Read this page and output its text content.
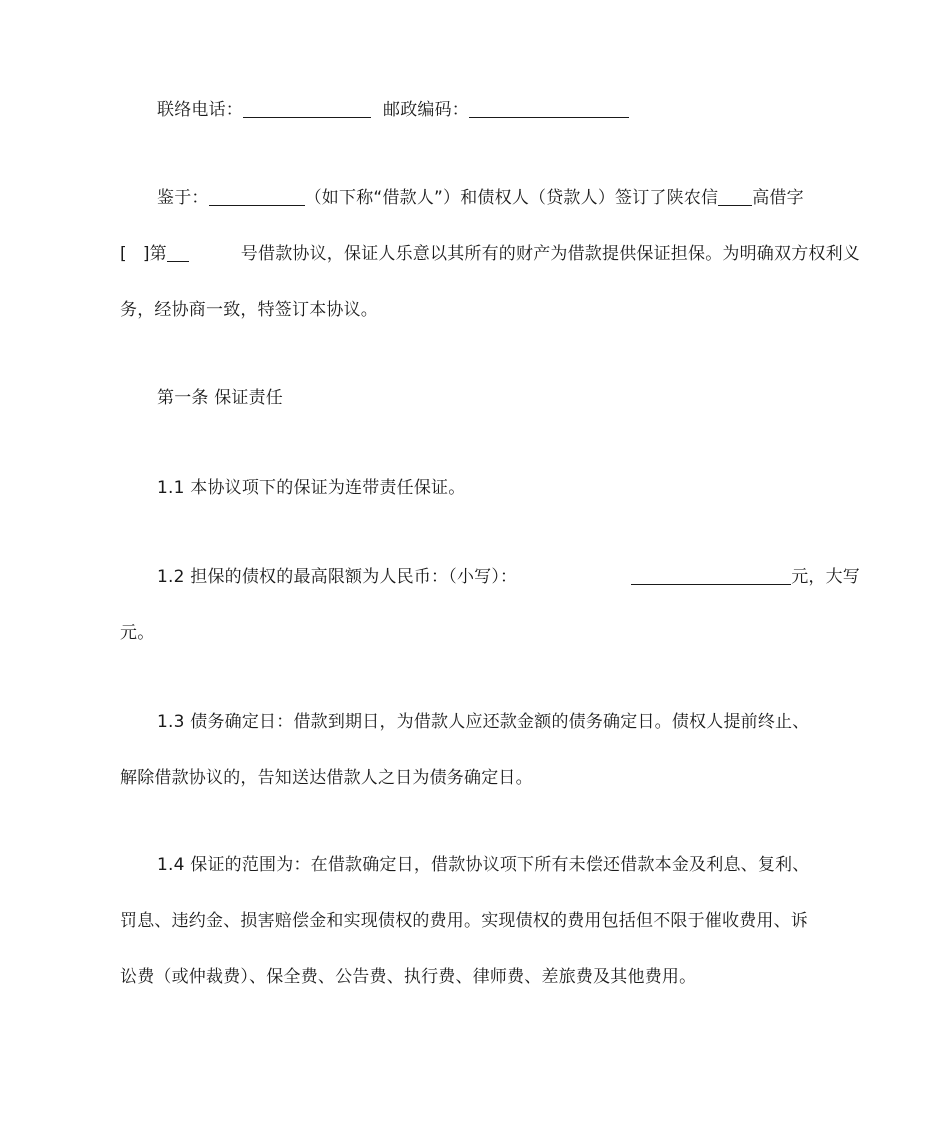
联络电话：	邮政编码：
鉴于：	（如下称“借款人”）和债权人（贷款人）签订了陕农信 高借字
[ ]第	号借款协议，保证人乐意以其所有的财产为借款提供保证担保。为明确双方权利义
务，经协商一致，特签订本协议。
第一条 保证责任
1.1 本协议项下的保证为连带责任保证。
1.2 担保的债权的最高限额为人民币：（小写）：	元，大写
元。
1.3 债务确定日：借款到期日，为借款人应还款金额的债务确定日。债权人提前终止、
解除借款协议的，告知送达借款人之日为债务确定日。
1.4 保证的范围为：在借款确定日，借款协议项下所有未偿还借款本金及利息、复利、
罚息、违约金、损害赔偿金和实现债权的费用。实现债权的费用包括但不限于催收费用、诉
讼费（或仲裁费）、保全费、公告费、执行费、律师费、差旅费及其他费用。
